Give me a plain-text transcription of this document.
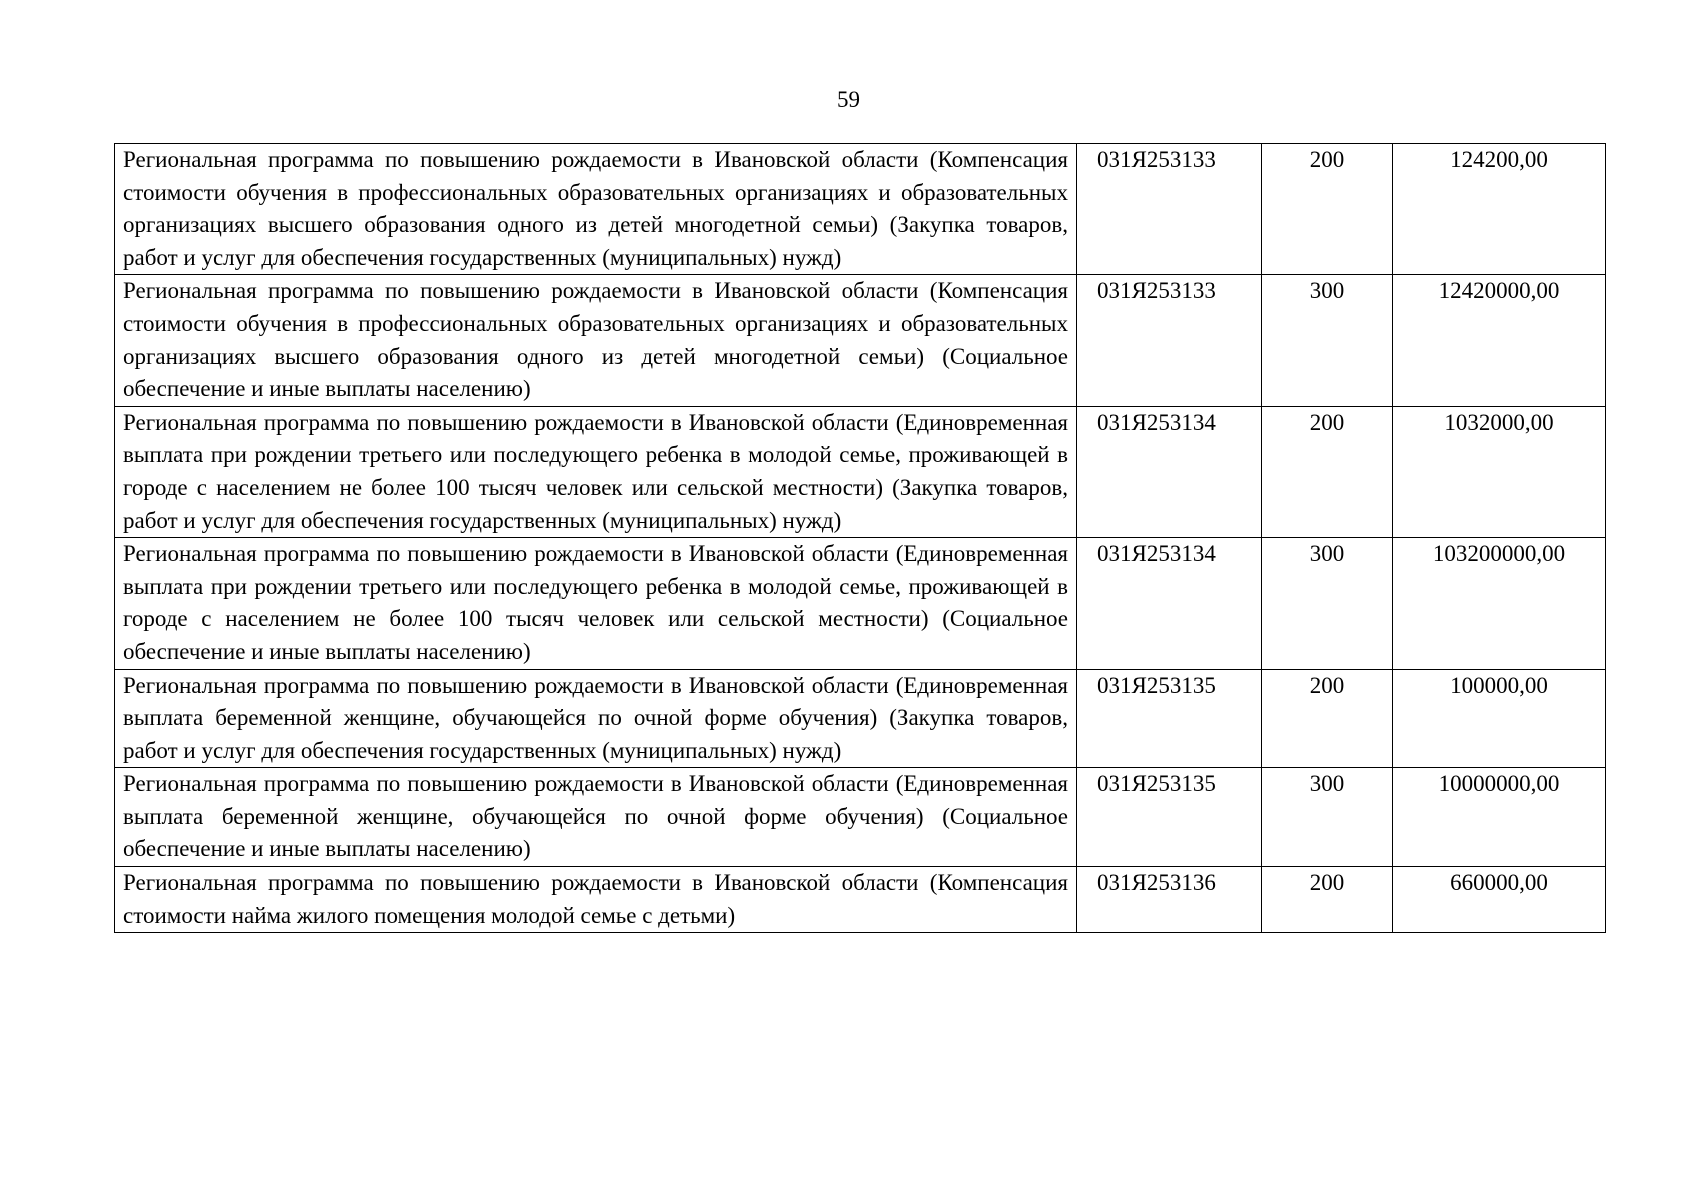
59
Региональная программа по повышению рождаемости в Ивановской области (Компенсация стоимости обучения в профессиональных образовательных организациях и образовательных организациях высшего образования одного из детей многодетной семьи) (Закупка товаров, работ и услуг для обеспечения государственных (муниципальных) нужд)	031Я253133	200	124200,00
Региональная программа по повышению рождаемости в Ивановской области (Компенсация стоимости обучения в профессиональных образовательных организациях и образовательных организациях высшего образования одного из детей многодетной семьи) (Социальное обеспечение и иные выплаты населению)	031Я253133	300	12420000,00
Региональная программа по повышению рождаемости в Ивановской области (Единовременная выплата при рождении третьего или последующего ребенка в молодой семье, проживающей в городе с населением не более 100 тысяч человек или сельской местности) (Закупка товаров, работ и услуг для обеспечения государственных (муниципальных) нужд)	031Я253134	200	1032000,00
Региональная программа по повышению рождаемости в Ивановской области (Единовременная выплата при рождении третьего или последующего ребенка в молодой семье, проживающей в городе с населением не более 100 тысяч человек или сельской местности) (Социальное обеспечение и иные выплаты населению)	031Я253134	300	103200000,00
Региональная программа по повышению рождаемости в Ивановской области (Единовременная выплата беременной женщине, обучающейся по очной форме обучения) (Закупка товаров, работ и услуг для обеспечения государственных (муниципальных) нужд)	031Я253135	200	100000,00
Региональная программа по повышению рождаемости в Ивановской области (Единовременная выплата беременной женщине, обучающейся по очной форме обучения) (Социальное обеспечение и иные выплаты населению)	031Я253135	300	10000000,00
Региональная программа по повышению рождаемости в Ивановской области (Компенсация стоимости найма жилого помещения молодой семье с детьми)	031Я253136	200	660000,00
